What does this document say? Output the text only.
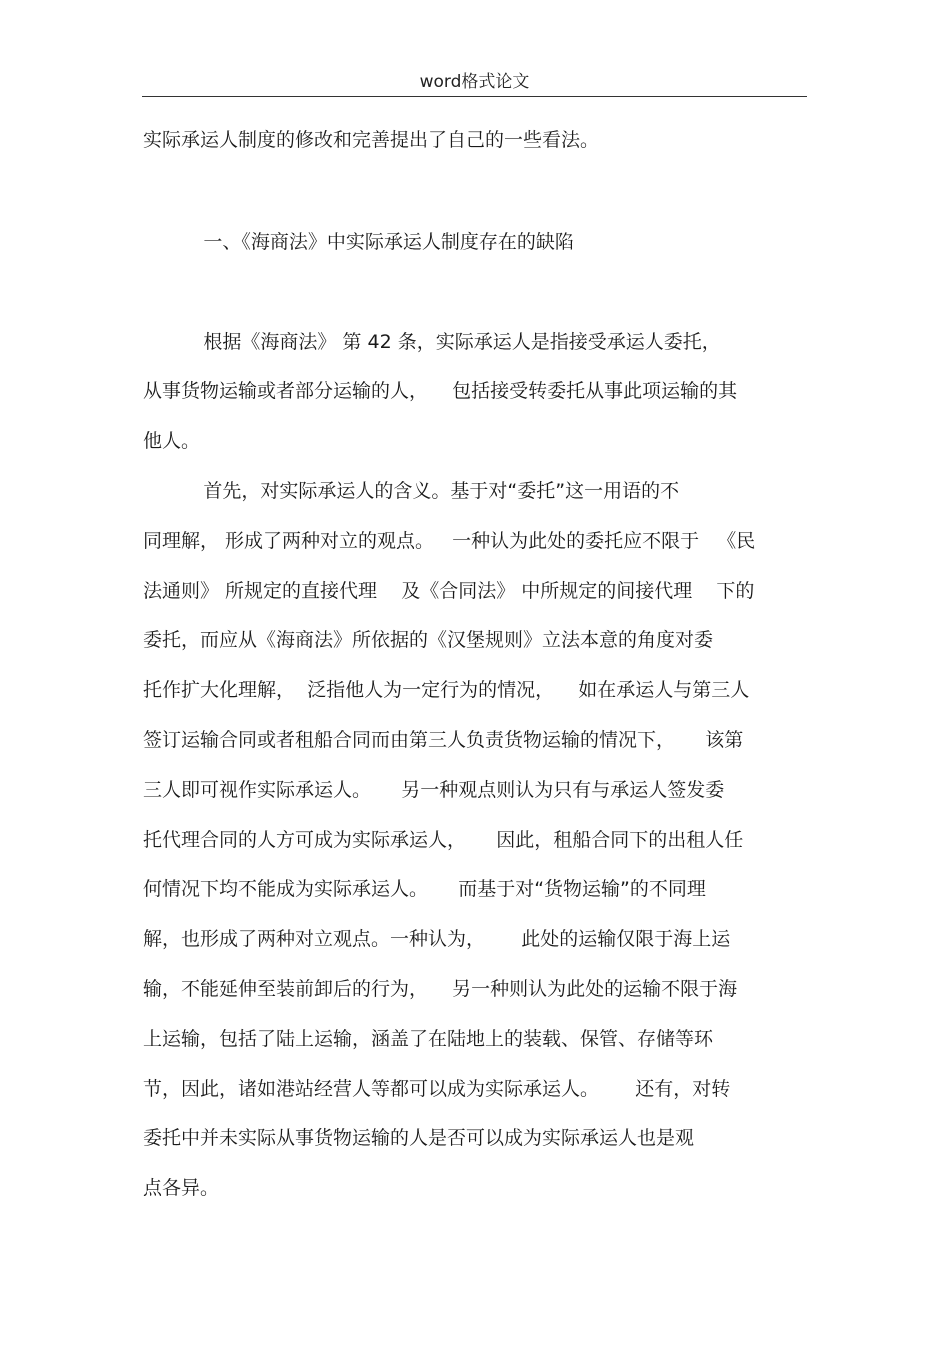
word格式论文
实际承运人制度的修改和完善提出了自己的一些看法。
一、《海商法》中实际承运人制度存在的缺陷
根据《海商法》 第 42 条，实际承运人是指接受承运人委托，
从事货物运输或者部分运输的人，    包括接受转委托从事此项运输的其
他人。
首先，对实际承运人的含义。基于对“委托”这一用语的不
同理解， 形成了两种对立的观点。   一种认为此处的委托应不限于   《民
法通则》 所规定的直接代理    及《合同法》 中所规定的间接代理    下的
委托，而应从《海商法》所依据的《汉堡规则》立法本意的角度对委
托作扩大化理解，  泛指他人为一定行为的情况，    如在承运人与第三人
签订运输合同或者租船合同而由第三人负责货物运输的情况下，     该第
三人即可视作实际承运人。     另一种观点则认为只有与承运人签发委
托代理合同的人方可成为实际承运人，     因此，租船合同下的出租人任
何情况下均不能成为实际承运人。     而基于对“货物运输”的不同理
解，也形成了两种对立观点。一种认为，      此处的运输仅限于海上运
输，不能延伸至装前卸后的行为，    另一种则认为此处的运输不限于海
上运输，包括了陆上运输，涵盖了在陆地上的装载、保管、存储等环
节，因此，诸如港站经营人等都可以成为实际承运人。      还有，对转
委托中并未实际从事货物运输的人是否可以成为实际承运人也是观
点各异。
